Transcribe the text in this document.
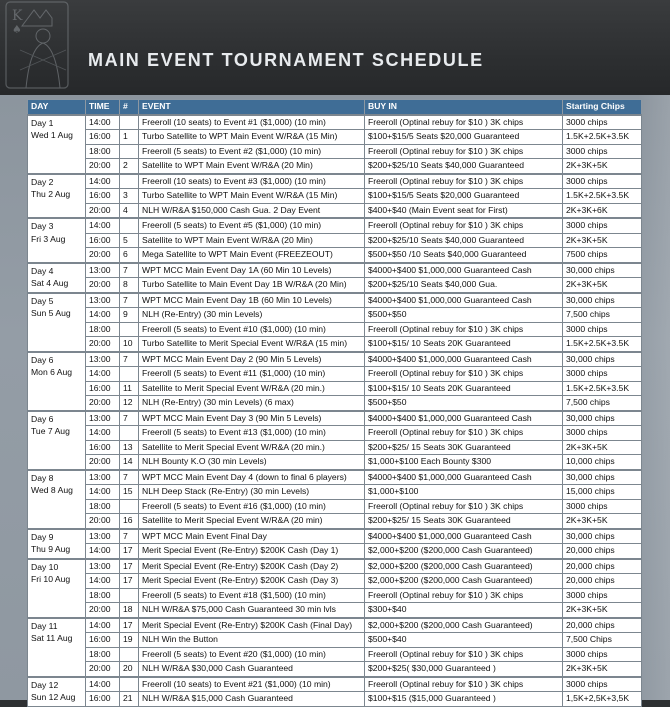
K
♠
MAIN EVENT TOURNAMENT SCHEDULE
DAY	TIME	#	EVENT	BUY IN	Starting Chips

Day 1
Wed 1 Aug	14:00		Freeroll (10 seats) to Event #1 ($1,000) (10 min)	Freeroll (Optinal rebuy for $10 ) 3K chips	3000 chips
	16:00	1	Turbo Satellite to WPT Main Event W/R&A (15 Min)	$100+$15/5 Seats $20,000 Guaranteed	1.5K+2.5K+3.5K
	18:00		Freeroll (5 seats) to Event #2 ($1,000) (10 min)	Freeroll (Optinal rebuy for $10 ) 3K chips	3000 chips
	20:00	2	Satellite to WPT Main Event W/R&A (20 Min)	$200+$25/10 Seats $40,000 Guaranteed	2K+3K+5K

Day 2
Thu 2 Aug	14:00		Freeroll (10 seats) to Event #3 ($1,000) (10 min)	Freeroll (Optinal rebuy for $10 ) 3K chips	3000 chips
	16:00	3	Turbo Satellite to WPT Main Event W/R&A (15 Min)	$100+$15/5 Seats $20,000 Guaranteed	1.5K+2.5K+3.5K
	20:00	4	NLH W/R&A $150,000 Cash Gua. 2 Day Event	$400+$40 (Main Event seat for First)	2K+3K+6K

Day 3
Fri 3 Aug	14:00		Freeroll (5 seats) to Event #5 ($1,000) (10 min)	Freeroll (Optinal rebuy for $10 ) 3K chips	3000 chips
	16:00	5	Satellite to WPT Main Event W/R&A (20 Min)	$200+$25/10 Seats $40,000 Guaranteed	2K+3K+5K
	20:00	6	Mega Satellite to WPT Main Event (FREEZEOUT)	$500+$50 /10 Seats $40,000 Guaranteed	7500 chips

Day 4
Sat 4 Aug	13:00	7	WPT MCC Main Event Day 1A (60 Min 10 Levels)	$4000+$400 $1,000,000 Guaranteed Cash	30,000 chips
	20:00	8	Turbo Satellite to Main Event Day 1B W/R&A (20 Min)	$200+$25/10 Seats $40,000 Gua.	2K+3K+5K

Day 5
Sun 5 Aug	13:00	7	WPT MCC Main Event Day 1B (60 Min 10 Levels)	$4000+$400 $1,000,000 Guaranteed Cash	30,000 chips
	14:00	9	NLH (Re-Entry) (30 min Levels)	$500+$50	7,500 chips
	18:00		Freeroll (5 seats) to Event #10 ($1,000) (10 min)	Freeroll (Optinal rebuy for $10 ) 3K chips	3000 chips
	20:00	10	Turbo Satellite to Merit Special Event W/R&A (15 min)	$100+$15/ 10 Seats 20K Guaranteed	1.5K+2.5K+3.5K

Day 6
Mon 6 Aug	13:00	7	WPT MCC Main Event Day 2 (90 Min 5 Levels)	$4000+$400 $1,000,000 Guaranteed Cash	30,000 chips
	14:00		Freeroll (5 seats) to Event #11 ($1,000) (10 min)	Freeroll (Optinal rebuy for $10 ) 3K chips	3000 chips
	16:00	11	Satellite to Merit Special Event W/R&A (20 min.)	$100+$15/ 10 Seats 20K Guaranteed	1.5K+2.5K+3.5K
	20:00	12	NLH (Re-Entry) (30 min Levels) (6 max)	$500+$50	7,500 chips

Day 6
Tue 7 Aug	13:00	7	WPT MCC Main Event Day 3 (90 Min 5 Levels)	$4000+$400 $1,000,000 Guaranteed Cash	30,000 chips
	14:00		Freeroll (5 seats) to Event #13 ($1,000) (10 min)	Freeroll (Optinal rebuy for $10 ) 3K chips	3000 chips
	16:00	13	Satellite to Merit Special Event W/R&A (20 min.)	$200+$25/ 15 Seats 30K Guaranteed	2K+3K+5K
	20:00	14	NLH Bounty K.O (30 min Levels)	$1,000+$100 Each Bounty $300	10,000 chips

Day 8
Wed 8 Aug	13:00	7	WPT MCC Main Event Day 4 (down to final 6 players)	$4000+$400 $1,000,000 Guaranteed Cash	30,000 chips
	14:00	15	NLH Deep Stack (Re-Entry) (30 min Levels)	$1,000+$100	15,000 chips
	18:00		Freeroll (5 seats) to Event #16 ($1,000) (10 min)	Freeroll (Optinal rebuy for $10 ) 3K chips	3000 chips
	20:00	16	Satellite to Merit Special Event W/R&A (20 min)	$200+$25/ 15 Seats 30K Guaranteed	2K+3K+5K

Day 9
Thu 9 Aug	13:00	7	WPT MCC Main Event Final Day	$4000+$400 $1,000,000 Guaranteed Cash	30,000 chips
	14:00	17	Merit Special Event (Re-Entry) $200K Cash (Day 1)	$2,000+$200 ($200,000 Cash Guaranteed)	20,000 chips

Day 10
Fri 10 Aug	13:00	17	Merit Special Event (Re-Entry) $200K Cash (Day 2)	$2,000+$200 ($200,000 Cash Guaranteed)	20,000 chips
	14:00	17	Merit Special Event (Re-Entry) $200K Cash (Day 3)	$2,000+$200 ($200,000 Cash Guaranteed)	20,000 chips
	18:00		Freeroll (5 seats) to Event #18 ($1,500) (10 min)	Freeroll (Optinal rebuy for $10 ) 3K chips	3000 chips
	20:00	18	NLH W/R&A $75,000 Cash Guaranteed 30 min lvls	$300+$40	2K+3K+5K

Day 11
Sat 11 Aug	14:00	17	Merit Special Event (Re-Entry) $200K Cash (Final Day)	$2,000+$200 ($200,000 Cash Guaranteed)	20,000 chips
	16:00	19	NLH Win the Button	$500+$40	7,500 Chips
	18:00		Freeroll (5 seats) to Event #20 ($1,000) (10 min)	Freeroll (Optinal rebuy for $10 ) 3K chips	3000 chips
	20:00	20	NLH W/R&A $30,000 Cash Guaranteed	$200+$25( $30,000 Guaranteed )	2K+3K+5K

Day 12
Sun 12 Aug	14:00		Freeroll (10 seats) to Event #21 ($1,000) (10 min)	Freeroll (Optinal rebuy for $10 ) 3K chips	3000 chips
	16:00	21	NLH W/R&A $15,000 Cash Guaranteed	$100+$15 ($15,000 Guaranteed )	1,5K+2,5K+3,5K
